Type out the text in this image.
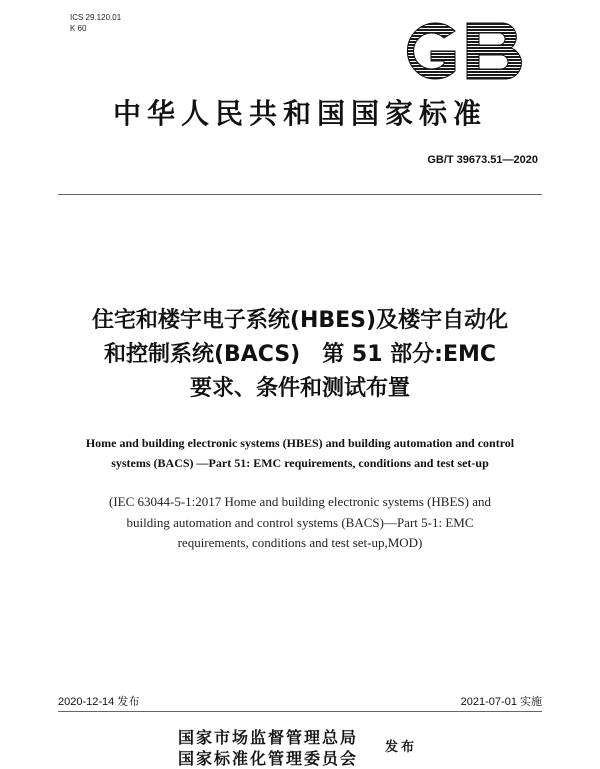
ICS 29.120.01
K 60
中华人民共和国国家标准
GB/T 39673.51—2020
住宅和楼宇电子系统(HBES)及楼宇自动化
和控制系统(BACS)　第 51 部分:EMC
要求、条件和测试布置
Home and building electronic systems (HBES) and building automation and control
systems (BACS) —Part 51: EMC requirements, conditions and test set-up
(IEC 63044-5-1:2017 Home and building electronic systems (HBES) and
building automation and control systems (BACS)—Part 5-1: EMC
requirements, conditions and test set-up,MOD)
2020-12-14 发布	2021-07-01 实施
国家市场监督管理总局
国家标准化管理委员会
发布
